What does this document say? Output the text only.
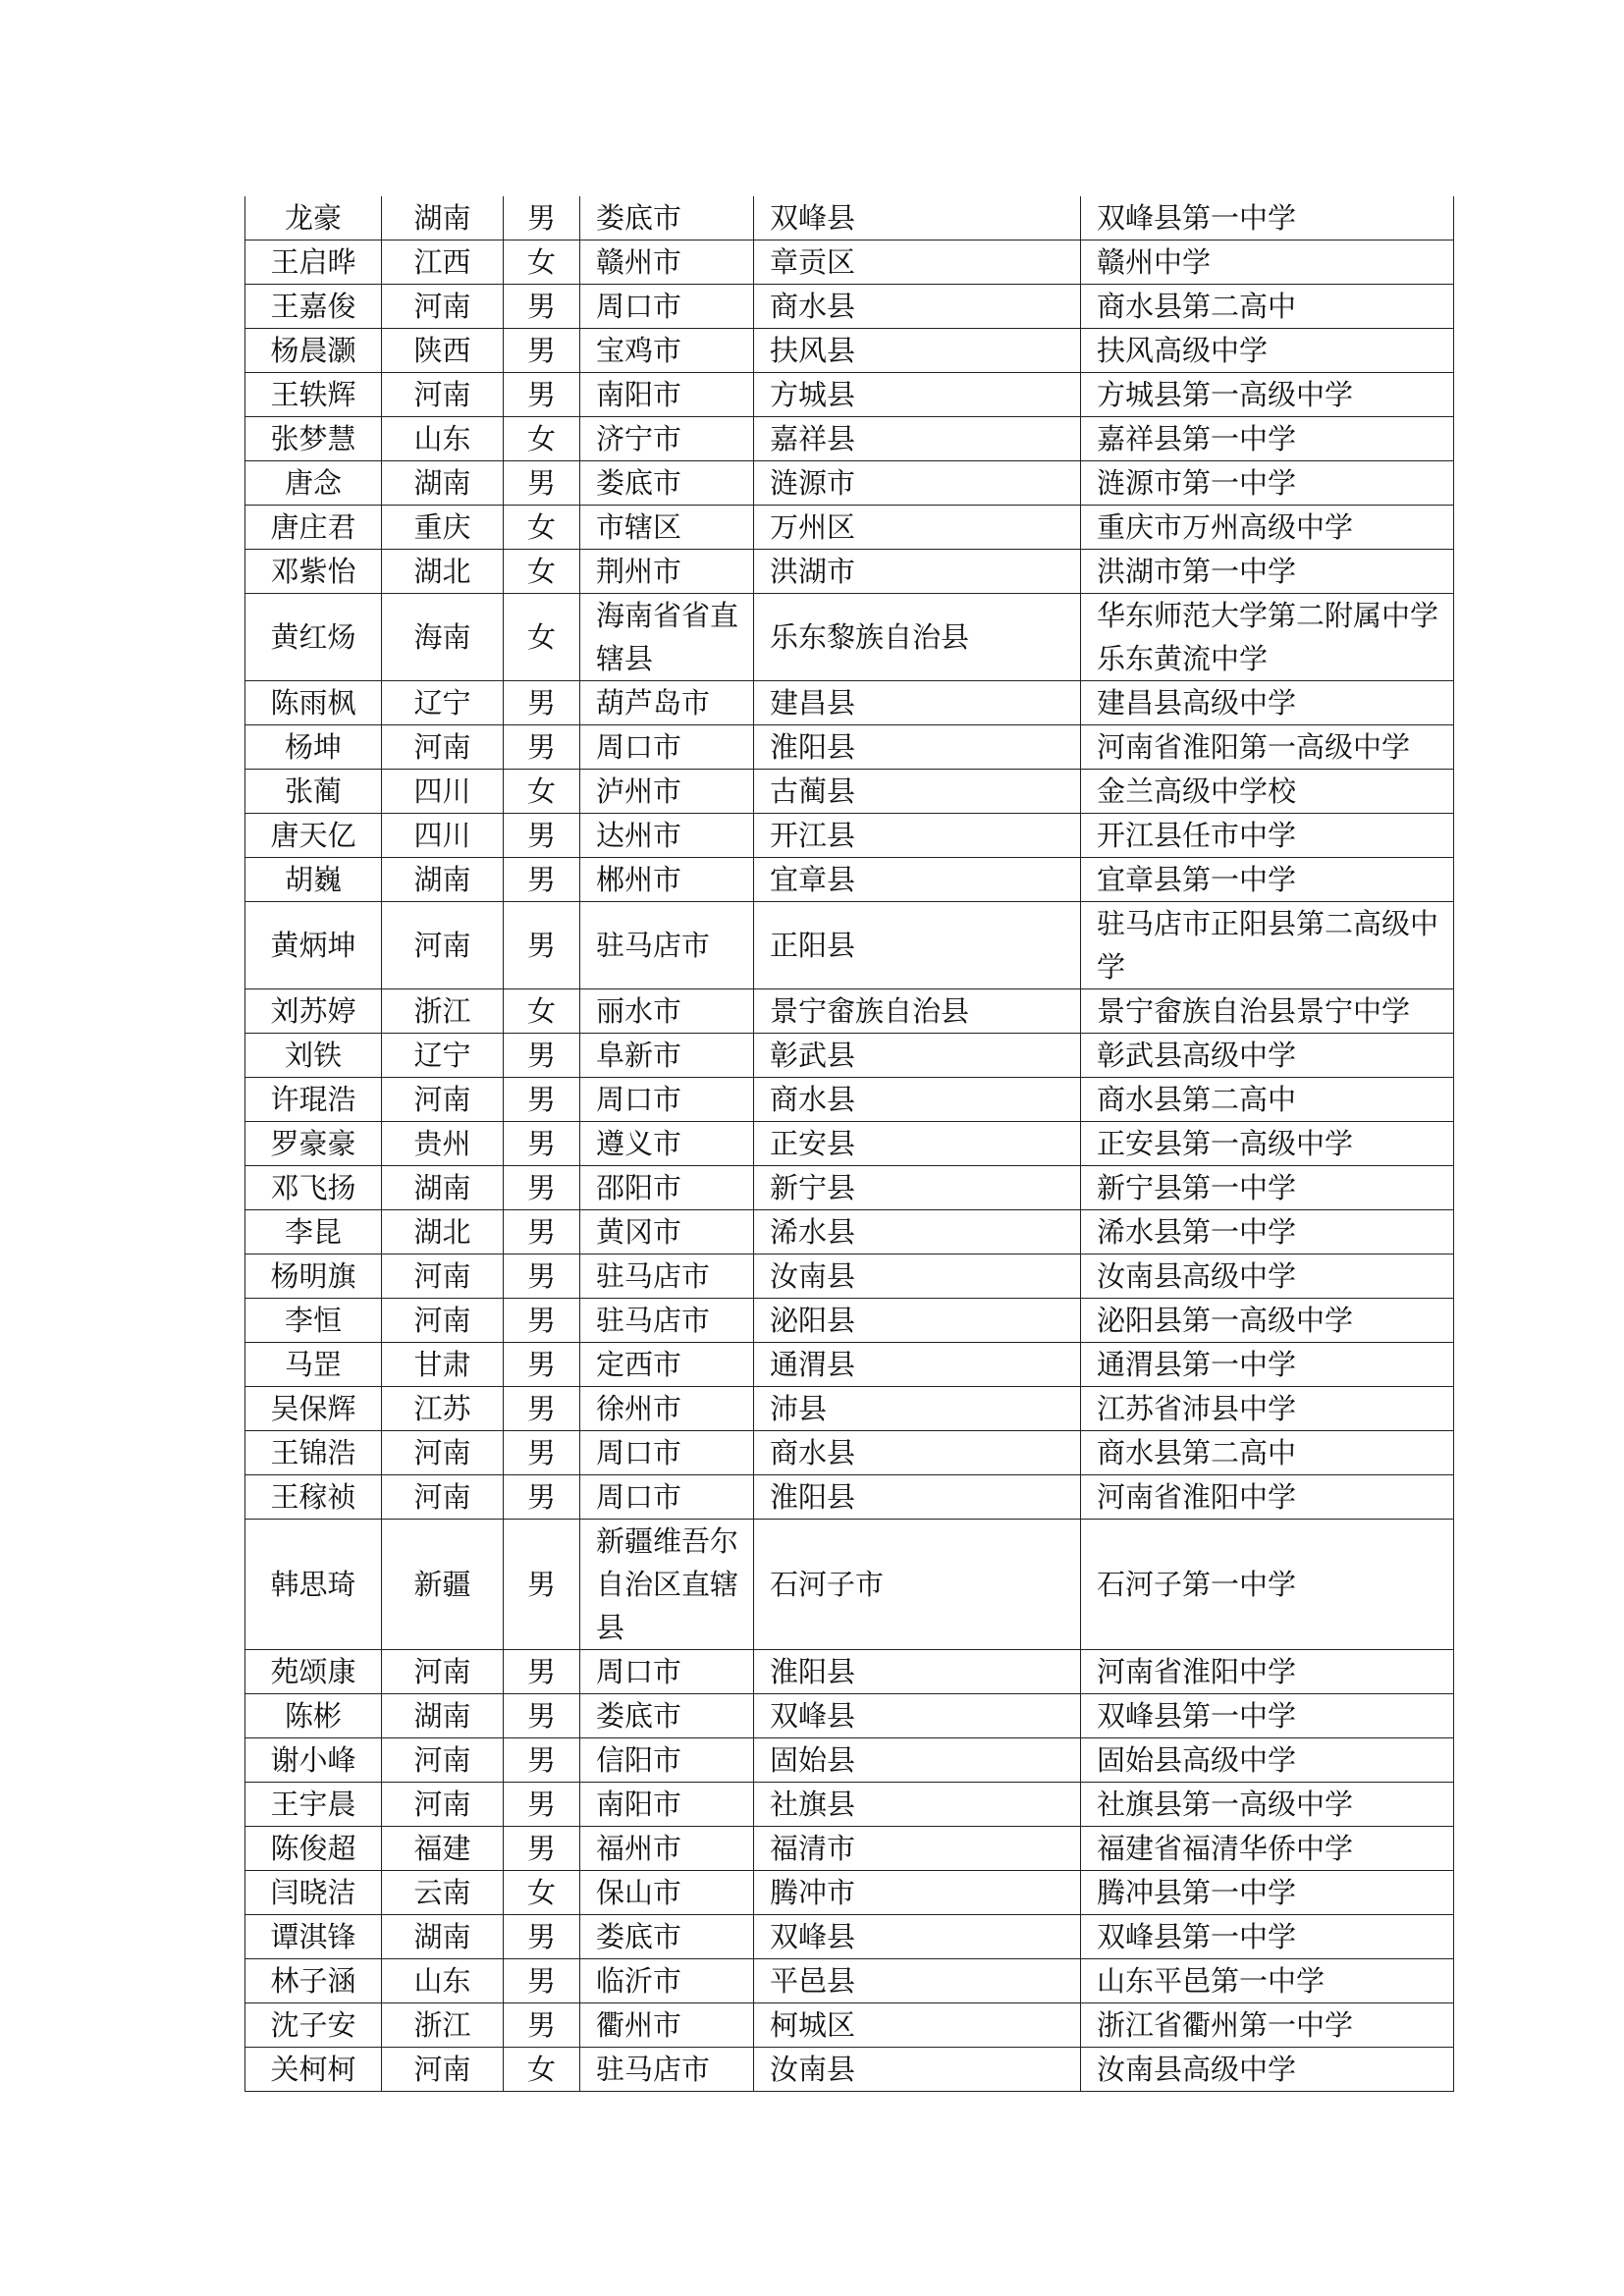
龙豪	湖南	男	娄底市	双峰县	双峰县第一中学
王启晔	江西	女	赣州市	章贡区	赣州中学
王嘉俊	河南	男	周口市	商水县	商水县第二高中
杨晨灏	陕西	男	宝鸡市	扶风县	扶风高级中学
王轶辉	河南	男	南阳市	方城县	方城县第一高级中学
张梦慧	山东	女	济宁市	嘉祥县	嘉祥县第一中学
唐念	湖南	男	娄底市	涟源市	涟源市第一中学
唐庄君	重庆	女	市辖区	万州区	重庆市万州高级中学
邓紫怡	湖北	女	荆州市	洪湖市	洪湖市第一中学
黄红炀	海南	女	海南省省直辖县	乐东黎族自治县	华东师范大学第二附属中学乐东黄流中学
陈雨枫	辽宁	男	葫芦岛市	建昌县	建昌县高级中学
杨坤	河南	男	周口市	淮阳县	河南省淮阳第一高级中学
张蔺	四川	女	泸州市	古蔺县	金兰高级中学校
唐天亿	四川	男	达州市	开江县	开江县任市中学
胡巍	湖南	男	郴州市	宜章县	宜章县第一中学
黄炳坤	河南	男	驻马店市	正阳县	驻马店市正阳县第二高级中学
刘苏婷	浙江	女	丽水市	景宁畲族自治县	景宁畲族自治县景宁中学
刘铁	辽宁	男	阜新市	彰武县	彰武县高级中学
许琨浩	河南	男	周口市	商水县	商水县第二高中
罗豪豪	贵州	男	遵义市	正安县	正安县第一高级中学
邓飞扬	湖南	男	邵阳市	新宁县	新宁县第一中学
李昆	湖北	男	黄冈市	浠水县	浠水县第一中学
杨明旗	河南	男	驻马店市	汝南县	汝南县高级中学
李恒	河南	男	驻马店市	泌阳县	泌阳县第一高级中学
马罡	甘肃	男	定西市	通渭县	通渭县第一中学
吴保辉	江苏	男	徐州市	沛县	江苏省沛县中学
王锦浩	河南	男	周口市	商水县	商水县第二高中
王稼祯	河南	男	周口市	淮阳县	河南省淮阳中学
韩思琦	新疆	男	新疆维吾尔自治区直辖县	石河子市	石河子第一中学
苑颂康	河南	男	周口市	淮阳县	河南省淮阳中学
陈彬	湖南	男	娄底市	双峰县	双峰县第一中学
谢小峰	河南	男	信阳市	固始县	固始县高级中学
王宇晨	河南	男	南阳市	社旗县	社旗县第一高级中学
陈俊超	福建	男	福州市	福清市	福建省福清华侨中学
闫晓洁	云南	女	保山市	腾冲市	腾冲县第一中学
谭淇锋	湖南	男	娄底市	双峰县	双峰县第一中学
林子涵	山东	男	临沂市	平邑县	山东平邑第一中学
沈子安	浙江	男	衢州市	柯城区	浙江省衢州第一中学
关柯柯	河南	女	驻马店市	汝南县	汝南县高级中学
